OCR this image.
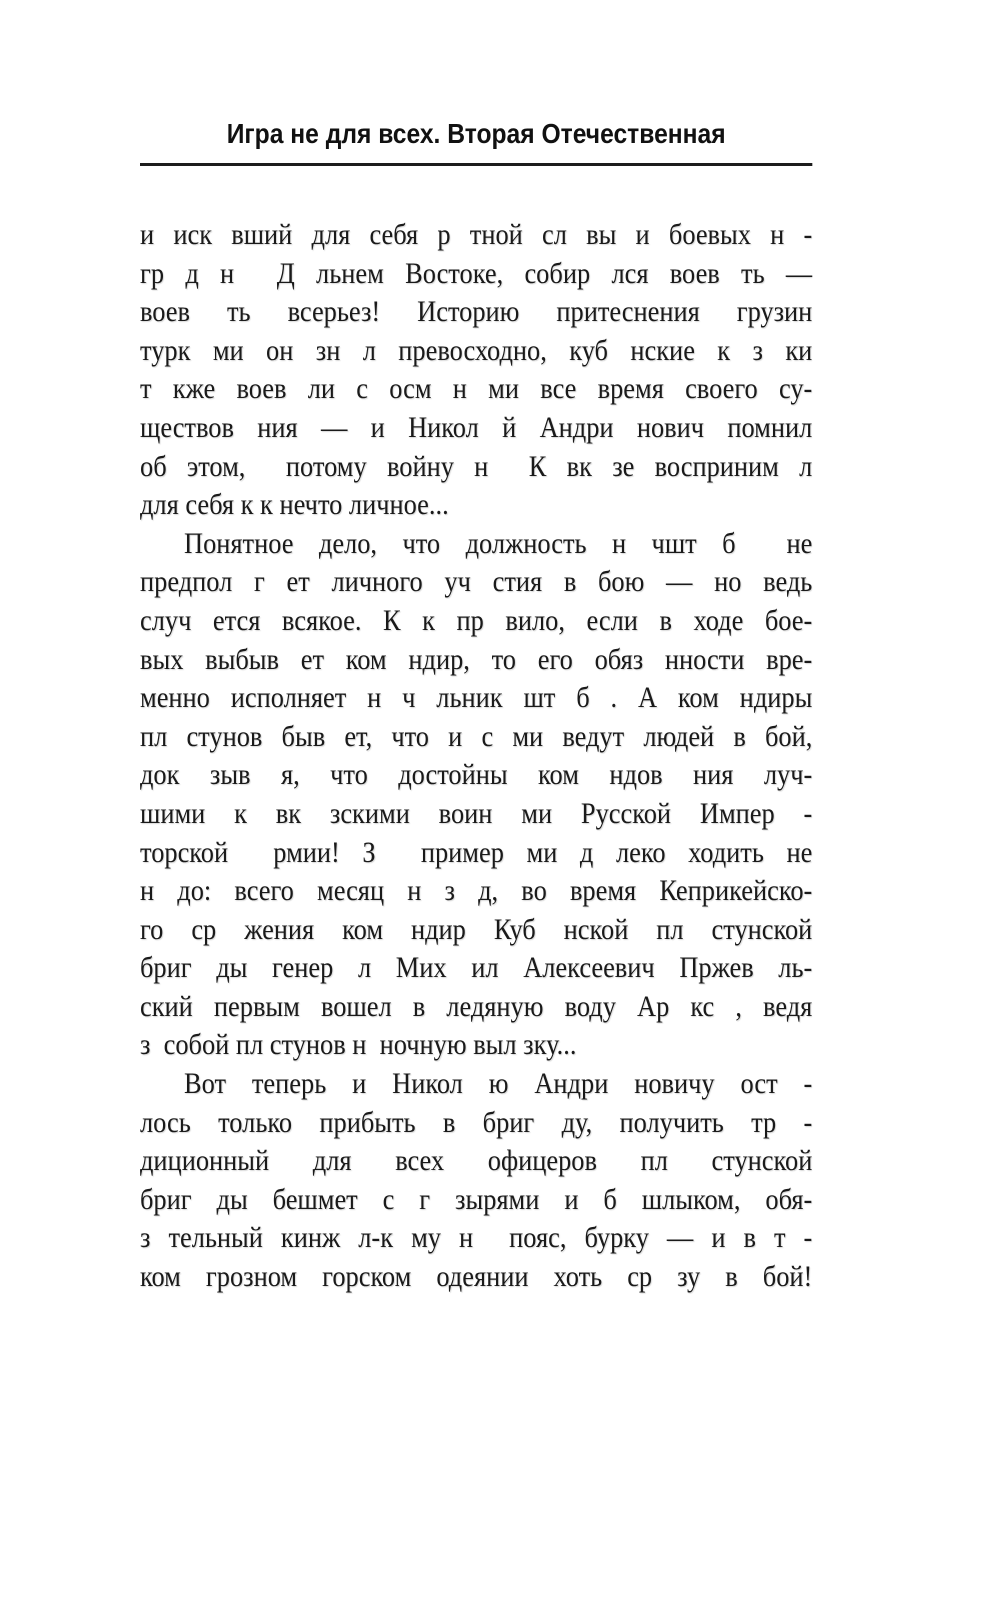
Игра не для всех. Вторая Отечественная
и иск вший для себя р тной сл вы и боевых н -
гр д н  Д льнем Востоке, собир лся воев ть —
воев ть всерьез! Историю притеснения грузин
турк ми он зн л превосходно, куб нские к з ки
т кже воев ли с осм н ми все время своего су-
ществов ния — и Никол й Андри нович помнил
об этом,  потому войну н  К вк зе восприним л
для себя к к нечто личное...
Понятное дело, что должность н чшт б  не
предпол г ет личного уч стия в бою — но ведь
случ ется всякое. К к пр вило, если в ходе бое-
вых выбыв ет ком ндир, то его обяз нности вре-
менно исполняет н ч льник шт б . А ком ндиры
пл стунов быв ет, что и с ми ведут людей в бой,
док зыв я, что достойны ком ндов ния луч-
шими к вк зскими воин ми Русской Импер -
торской  рмии! З  пример ми д леко ходить не
н до: всего месяц н з д, во время Кеприкейско-
го ср жения ком ндир Куб нской пл стунской
бриг ды генер л Мих ил Алексеевич Пржев ль-
ский первым вошел в ледяную воду Ар кс , ведя
з  собой пл стунов н  ночную выл зку...
Вот теперь и Никол ю Андри новичу ост -
лось только прибыть в бриг ду, получить тр -
диционный для всех офицеров пл стунской
бриг ды бешмет с г зырями и б шлыком, обя-
з тельный кинж л-к му н  пояс, бурку — и в т -
ком грозном горском одеянии хоть ср зу в бой!
